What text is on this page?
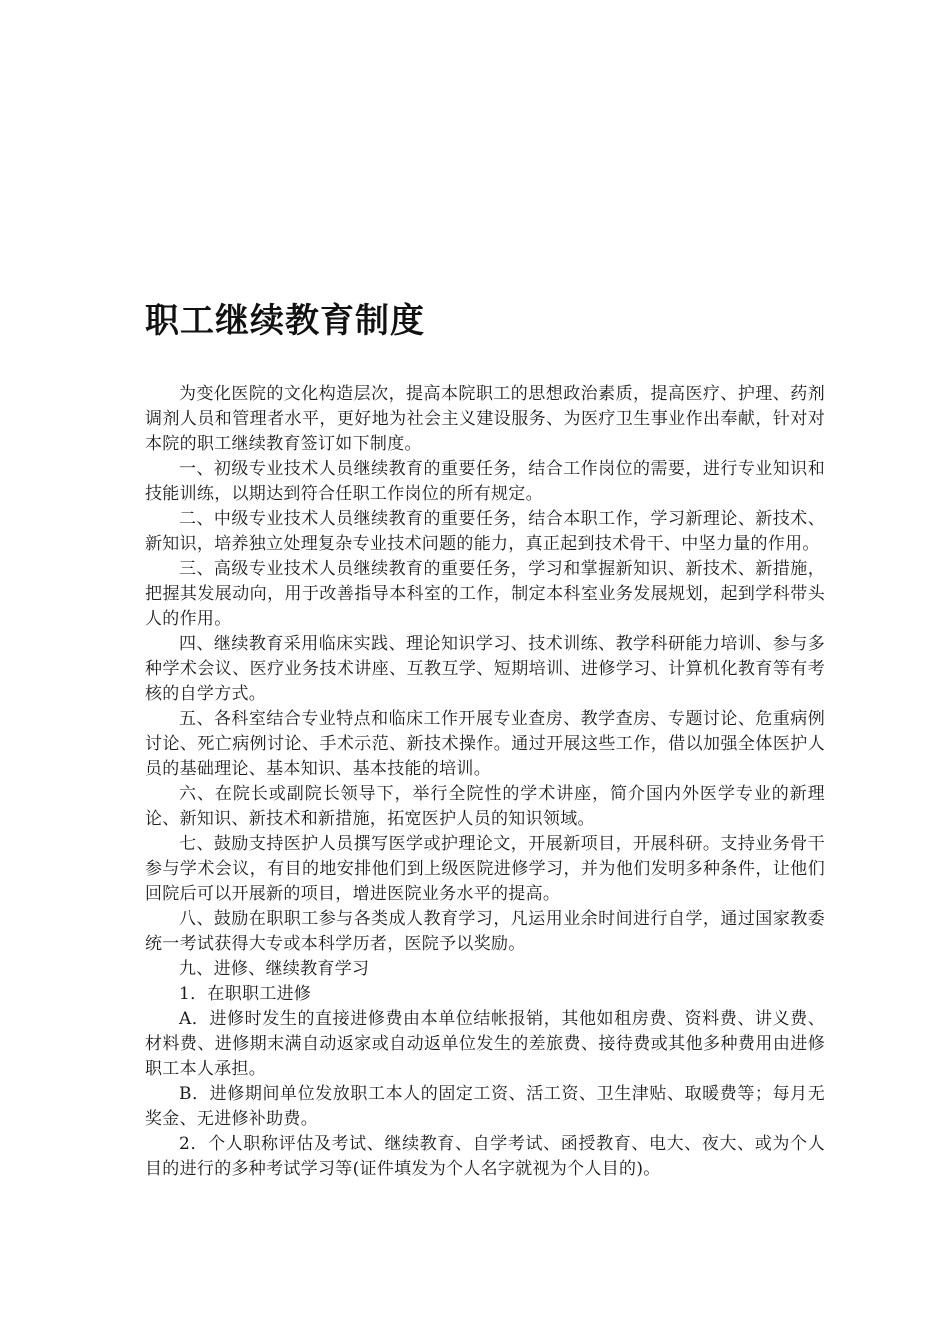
职工继续教育制度

为变化医院的文化构造层次，提高本院职工的思想政治素质，提高医疗、护理、药剂调剂人员和管理者水平，更好地为社会主义建设服务、为医疗卫生事业作出奉献，针对对本院的职工继续教育签订如下制度。

一、初级专业技术人员继续教育的重要任务，结合工作岗位的需要，进行专业知识和技能训练，以期达到符合任职工作岗位的所有规定。

二、中级专业技术人员继续教育的重要任务，结合本职工作，学习新理论、新技术、新知识，培养独立处理复杂专业技术问题的能力，真正起到技术骨干、中坚力量的作用。

三、高级专业技术人员继续教育的重要任务，学习和掌握新知识、新技术、新措施，把握其发展动向，用于改善指导本科室的工作，制定本科室业务发展规划，起到学科带头人的作用。

四、继续教育采用临床实践、理论知识学习、技术训练、教学科研能力培训、参与多种学术会议、医疗业务技术讲座、互教互学、短期培训、进修学习、计算机化教育等有考核的自学方式。

五、各科室结合专业特点和临床工作开展专业查房、教学查房、专题讨论、危重病例讨论、死亡病例讨论、手术示范、新技术操作。通过开展这些工作，借以加强全体医护人员的基础理论、基本知识、基本技能的培训。

六、在院长或副院长领导下，举行全院性的学术讲座，简介国内外医学专业的新理论、新知识、新技术和新措施，拓宽医护人员的知识领域。

七、鼓励支持医护人员撰写医学或护理论文，开展新项目，开展科研。支持业务骨干参与学术会议，有目的地安排他们到上级医院进修学习，并为他们发明多种条件，让他们回院后可以开展新的项目，增进医院业务水平的提高。

八、鼓励在职职工参与各类成人教育学习，凡运用业余时间进行自学，通过国家教委统一考试获得大专或本科学历者，医院予以奖励。

九、进修、继续教育学习

1．在职职工进修

A．进修时发生的直接进修费由本单位结帐报销，其他如租房费、资料费、讲义费、材料费、进修期末满自动返家或自动返单位发生的差旅费、接待费或其他多种费用由进修职工本人承担。

B．进修期间单位发放职工本人的固定工资、活工资、卫生津贴、取暖费等；每月无奖金、无进修补助费。

2．个人职称评估及考试、继续教育、自学考试、函授教育、电大、夜大、或为个人目的进行的多种考试学习等(证件填发为个人名字就视为个人目的)。
